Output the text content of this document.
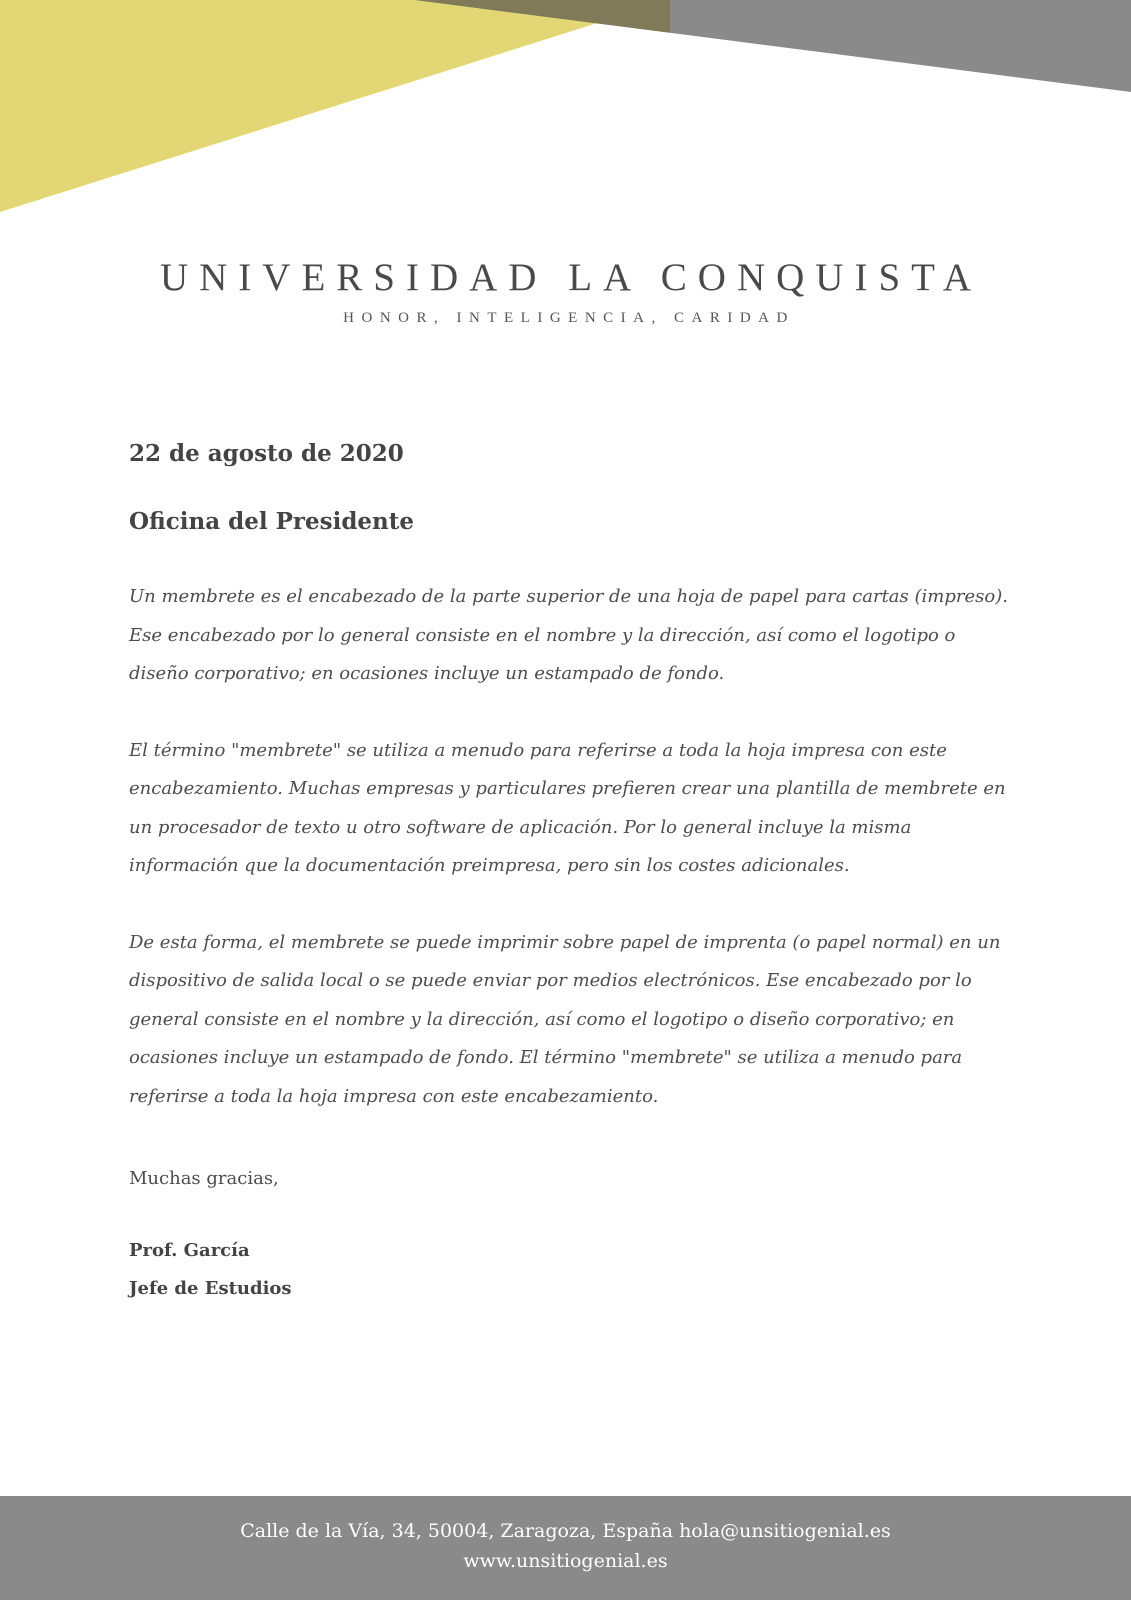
UNIVERSIDAD LA CONQUISTA
HONOR, INTELIGENCIA, CARIDAD
22 de agosto de 2020
Oficina del Presidente

Un membrete es el encabezado de la parte superior de una hoja de papel para cartas (impreso). Ese encabezado por lo general consiste en el nombre y la dirección, así como el logotipo o diseño corporativo; en ocasiones incluye un estampado de fondo.

El término "membrete" se utiliza a menudo para referirse a toda la hoja impresa con este encabezamiento. Muchas empresas y particulares prefieren crear una plantilla de membrete en un procesador de texto u otro software de aplicación. Por lo general incluye la misma información que la documentación preimpresa, pero sin los costes adicionales.

De esta forma, el membrete se puede imprimir sobre papel de imprenta (o papel normal) en un dispositivo de salida local o se puede enviar por medios electrónicos. Ese encabezado por lo general consiste en el nombre y la dirección, así como el logotipo o diseño corporativo; en ocasiones incluye un estampado de fondo. El término "membrete" se utiliza a menudo para referirse a toda la hoja impresa con este encabezamiento.

Muchas gracias,
Prof. García
Jefe de Estudios
Calle de la Vía, 34, 50004, Zaragoza, España hola@unsitiogenial.es
www.unsitiogenial.es
